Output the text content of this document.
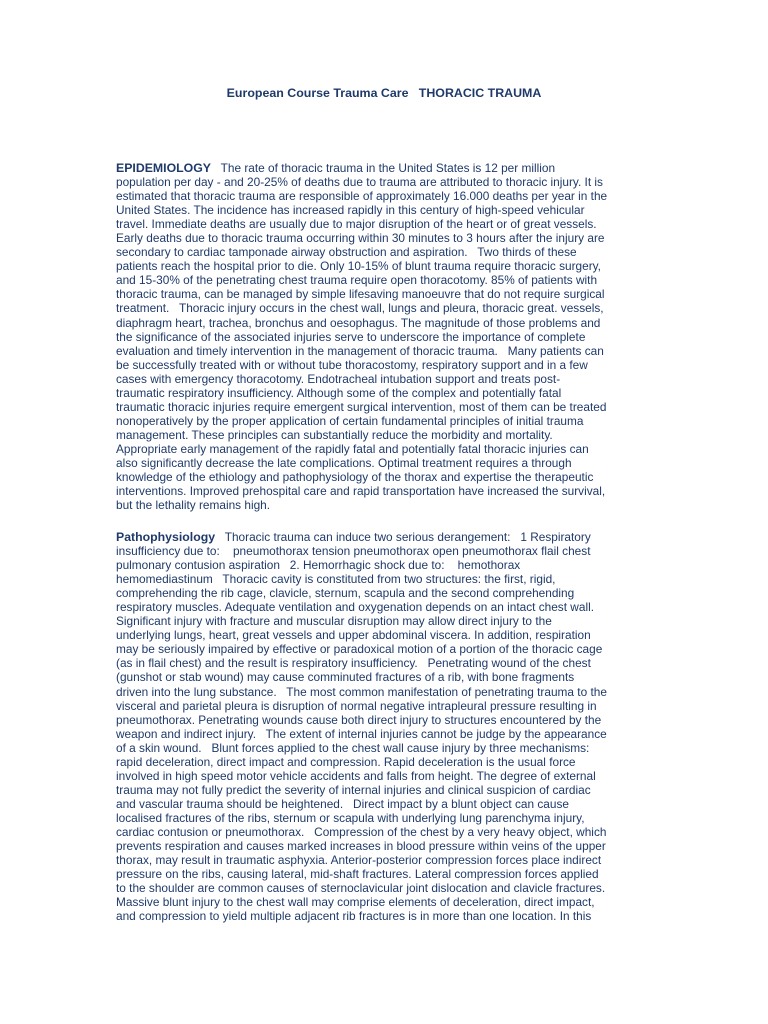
European Course Trauma Care   THORACIC TRAUMA
EPIDEMIOLOGY   The rate of thoracic trauma in the United States is 12 per million
population per day - and 20-25% of deaths due to trauma are attributed to thoracic injury. It is
estimated that thoracic trauma are responsible of approximately 16.000 deaths per year in the
United States. The incidence has increased rapidly in this century of high-speed vehicular
travel. Immediate deaths are usually due to major disruption of the heart or of great vessels.
Early deaths due to thoracic trauma occurring within 30 minutes to 3 hours after the injury are
secondary to cardiac tamponade airway obstruction and aspiration.   Two thirds of these
patients reach the hospital prior to die. Only 10-15% of blunt trauma require thoracic surgery,
and 15-30% of the penetrating chest trauma require open thoracotomy. 85% of patients with
thoracic trauma, can be managed by simple lifesaving manoeuvre that do not require surgical
treatment.   Thoracic injury occurs in the chest wall, lungs and pleura, thoracic great. vessels,
diaphragm heart, trachea, bronchus and oesophagus. The magnitude of those problems and
the significance of the associated injuries serve to underscore the importance of complete
evaluation and timely intervention in the management of thoracic trauma.   Many patients can
be successfully treated with or without tube thoracostomy, respiratory support and in a few
cases with emergency thoracotomy. Endotracheal intubation support and treats post-
traumatic respiratory insufficiency. Although some of the complex and potentially fatal
traumatic thoracic injuries require emergent surgical intervention, most of them can be treated
nonoperatively by the proper application of certain fundamental principles of initial trauma
management. These principles can substantially reduce the morbidity and mortality.
Appropriate early management of the rapidly fatal and potentially fatal thoracic injuries can
also significantly decrease the late complications. Optimal treatment requires a through
knowledge of the ethiology and pathophysiology of the thorax and expertise the therapeutic
interventions. Improved prehospital care and rapid transportation have increased the survival,
but the lethality remains high.
Pathophysiology   Thoracic trauma can induce two serious derangement:   1 Respiratory
insufficiency due to:    pneumothorax tension pneumothorax open pneumothorax flail chest
pulmonary contusion aspiration   2. Hemorrhagic shock due to:    hemothorax
hemomediastinum   Thoracic cavity is constituted from two structures: the first, rigid,
comprehending the rib cage, clavicle, sternum, scapula and the second comprehending
respiratory muscles. Adequate ventilation and oxygenation depends on an intact chest wall.
Significant injury with fracture and muscular disruption may allow direct injury to the
underlying lungs, heart, great vessels and upper abdominal viscera. In addition, respiration
may be seriously impaired by effective or paradoxical motion of a portion of the thoracic cage
(as in flail chest) and the result is respiratory insufficiency.   Penetrating wound of the chest
(gunshot or stab wound) may cause comminuted fractures of a rib, with bone fragments
driven into the lung substance.   The most common manifestation of penetrating trauma to the
visceral and parietal pleura is disruption of normal negative intrapleural pressure resulting in
pneumothorax. Penetrating wounds cause both direct injury to structures encountered by the
weapon and indirect injury.   The extent of internal injuries cannot be judge by the appearance
of a skin wound.   Blunt forces applied to the chest wall cause injury by three mechanisms:
rapid deceleration, direct impact and compression. Rapid deceleration is the usual force
involved in high speed motor vehicle accidents and falls from height. The degree of external
trauma may not fully predict the severity of internal injuries and clinical suspicion of cardiac
and vascular trauma should be heightened.   Direct impact by a blunt object can cause
localised fractures of the ribs, sternum or scapula with underlying lung parenchyma injury,
cardiac contusion or pneumothorax.   Compression of the chest by a very heavy object, which
prevents respiration and causes marked increases in blood pressure within veins of the upper
thorax, may result in traumatic asphyxia. Anterior-posterior compression forces place indirect
pressure on the ribs, causing lateral, mid-shaft fractures. Lateral compression forces applied
to the shoulder are common causes of sternoclavicular joint dislocation and clavicle fractures.
Massive blunt injury to the chest wall may comprise elements of deceleration, direct impact,
and compression to yield multiple adjacent rib fractures is in more than one location. In this
